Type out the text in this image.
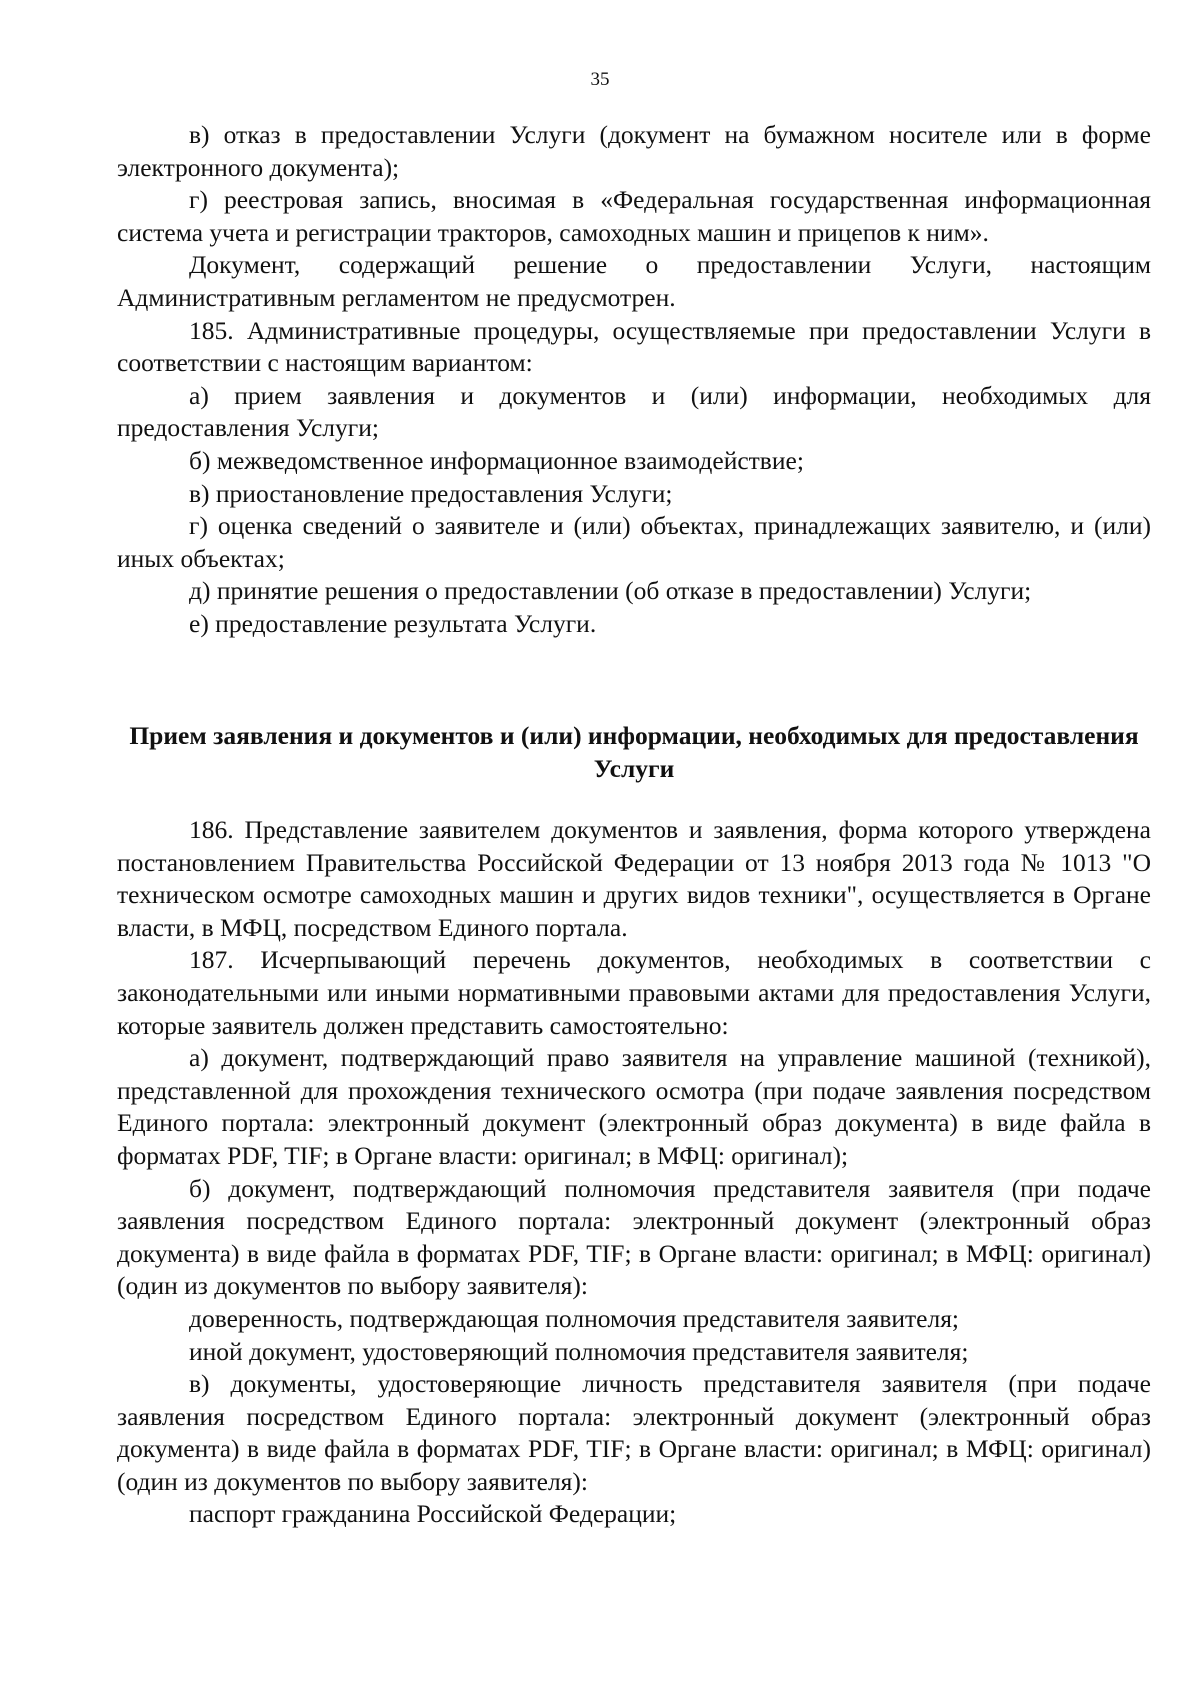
35

в) отказ в предоставлении Услуги (документ на бумажном носителе или в форме электронного документа);

г) реестровая запись, вносимая в «Федеральная государственная информационная система учета и регистрации тракторов, самоходных машин и прицепов к ним».

Документ, содержащий решение о предоставлении Услуги, настоящим Административным регламентом не предусмотрен.

185. Административные процедуры, осуществляемые при предоставлении Услуги в соответствии с настоящим вариантом:

а) прием заявления и документов и (или) информации, необходимых для предоставления Услуги;

б) межведомственное информационное взаимодействие;

в) приостановление предоставления Услуги;

г) оценка сведений о заявителе и (или) объектах, принадлежащих заявителю, и (или) иных объектах;

д) принятие решения о предоставлении (об отказе в предоставлении) Услуги;

е) предоставление результата Услуги.

Прием заявления и документов и (или) информации, необходимых для предоставления Услуги

186. Представление заявителем документов и заявления, форма которого утверждена постановлением Правительства Российской Федерации от 13 ноября 2013 года № 1013 "О техническом осмотре самоходных машин и других видов техники", осуществляется в Органе власти, в МФЦ, посредством Единого портала.

187. Исчерпывающий перечень документов, необходимых в соответствии с законодательными или иными нормативными правовыми актами для предоставления Услуги, которые заявитель должен представить самостоятельно:

а) документ, подтверждающий право заявителя на управление машиной (техникой), представленной для прохождения технического осмотра (при подаче заявления посредством Единого портала: электронный документ (электронный образ документа) в виде файла в форматах PDF, TIF; в Органе власти: оригинал; в МФЦ: оригинал);

б) документ, подтверждающий полномочия представителя заявителя (при подаче заявления посредством Единого портала: электронный документ (электронный образ документа) в виде файла в форматах PDF, TIF; в Органе власти: оригинал; в МФЦ: оригинал) (один из документов по выбору заявителя):

доверенность, подтверждающая полномочия представителя заявителя;

иной документ, удостоверяющий полномочия представителя заявителя;

в) документы, удостоверяющие личность представителя заявителя (при подаче заявления посредством Единого портала: электронный документ (электронный образ документа) в виде файла в форматах PDF, TIF; в Органе власти: оригинал; в МФЦ: оригинал) (один из документов по выбору заявителя):

паспорт гражданина Российской Федерации;
